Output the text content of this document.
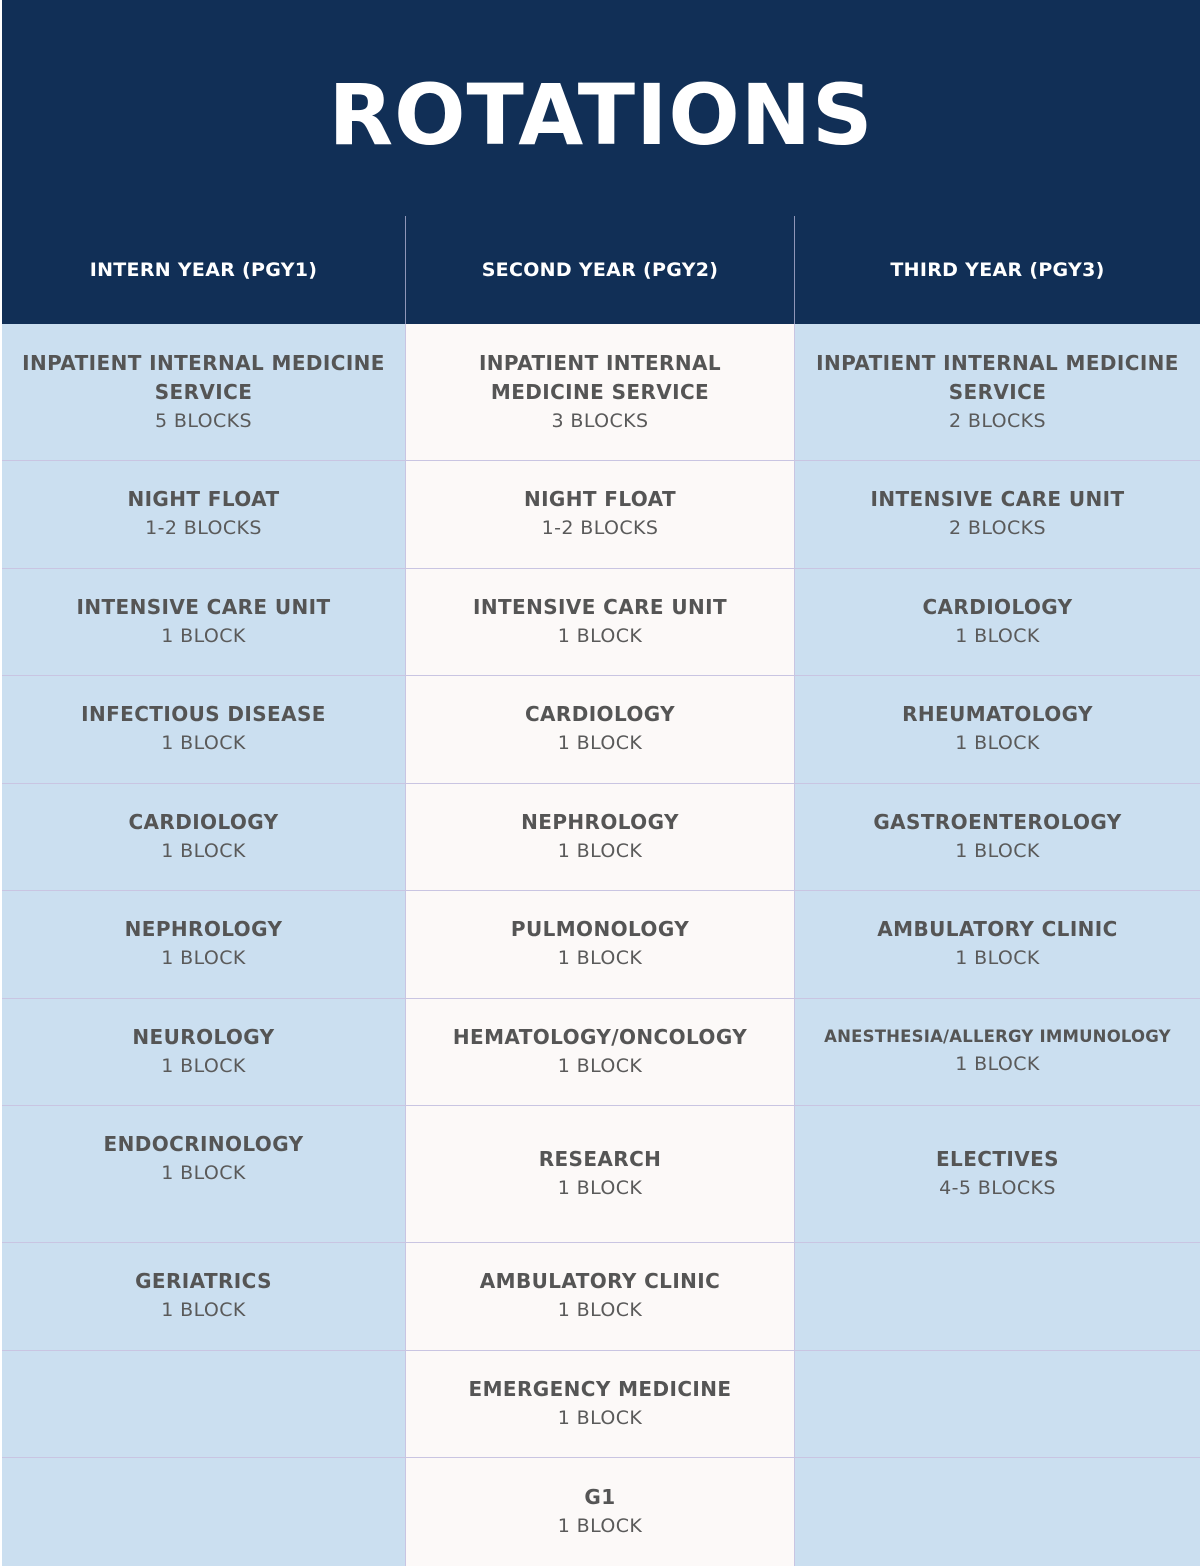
ROTATIONS
INTERN YEAR (PGY1)	SECOND YEAR (PGY2)	THIRD YEAR (PGY3)
INPATIENT INTERNAL MEDICINE SERVICE
5 BLOCKS
INPATIENT INTERNAL MEDICINE SERVICE
3 BLOCKS
INPATIENT INTERNAL MEDICINE SERVICE
2 BLOCKS
NIGHT FLOAT
1-2 BLOCKS
NIGHT FLOAT
1-2 BLOCKS
INTENSIVE CARE UNIT
2 BLOCKS
INTENSIVE CARE UNIT
1 BLOCK
INTENSIVE CARE UNIT
1 BLOCK
CARDIOLOGY
1 BLOCK
INFECTIOUS DISEASE
1 BLOCK
CARDIOLOGY
1 BLOCK
RHEUMATOLOGY
1 BLOCK
CARDIOLOGY
1 BLOCK
NEPHROLOGY
1 BLOCK
GASTROENTEROLOGY
1 BLOCK
NEPHROLOGY
1 BLOCK
PULMONOLOGY
1 BLOCK
AMBULATORY CLINIC
1 BLOCK
NEUROLOGY
1 BLOCK
HEMATOLOGY/ONCOLOGY
1 BLOCK
ANESTHESIA/ALLERGY IMMUNOLOGY
1 BLOCK
ENDOCRINOLOGY
1 BLOCK
RESEARCH
1 BLOCK
ELECTIVES
4-5 BLOCKS
GERIATRICS
1 BLOCK
AMBULATORY CLINIC
1 BLOCK
EMERGENCY MEDICINE
1 BLOCK
G1
1 BLOCK
